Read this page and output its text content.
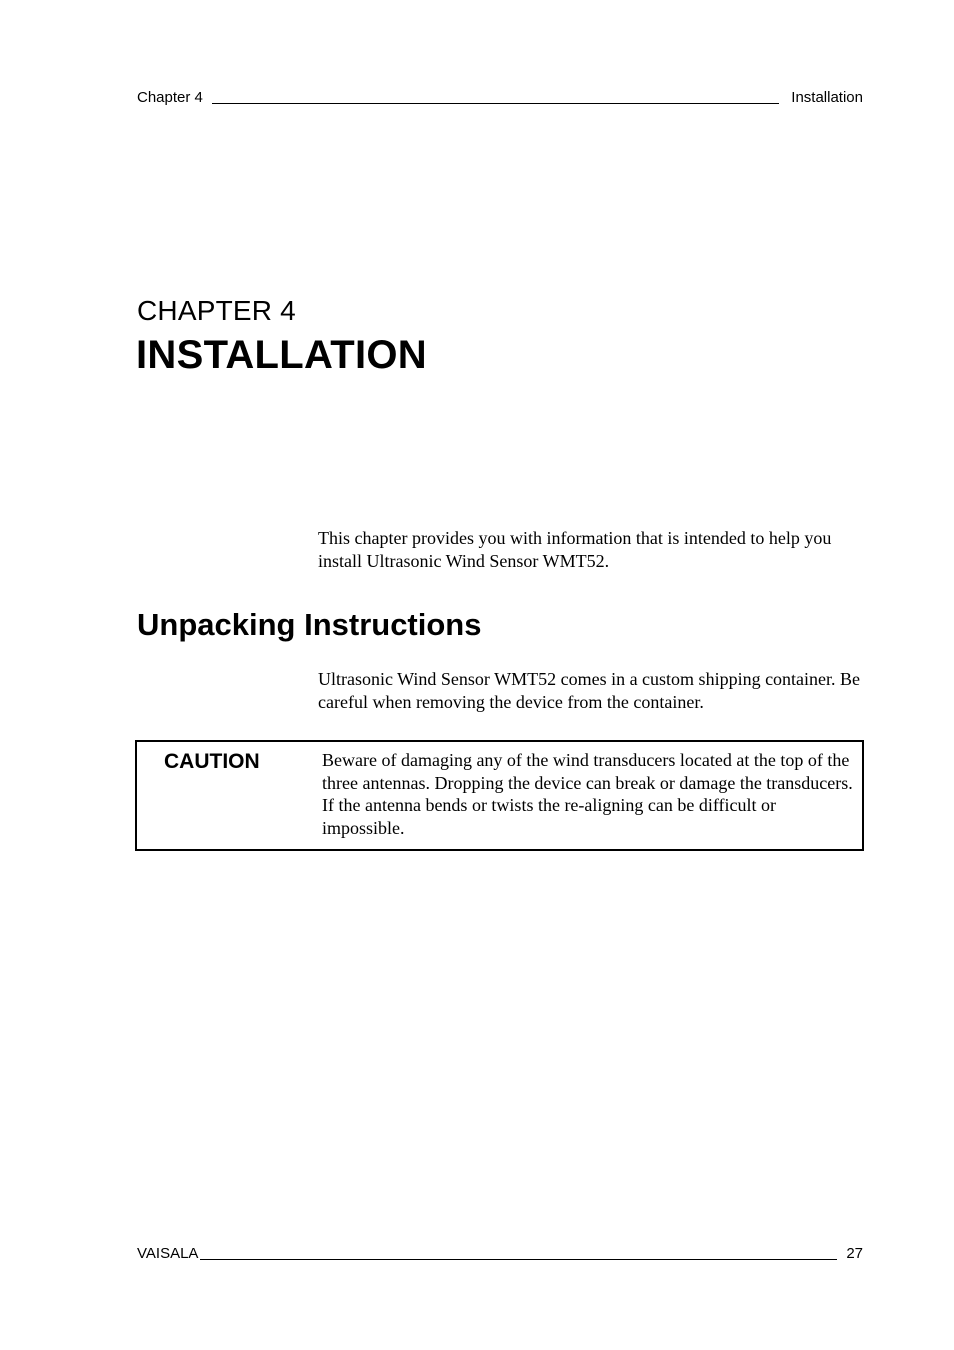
Chapter 4	Installation
CHAPTER 4
INSTALLATION

This chapter provides you with information that is intended to help you install Ultrasonic Wind Sensor WMT52.

Unpacking Instructions

Ultrasonic Wind Sensor WMT52 comes in a custom shipping container. Be careful when removing the device from the container.

CAUTION	Beware of damaging any of the wind transducers located at the top of the three antennas. Dropping the device can break or damage the transducers. If the antenna bends or twists the re-aligning can be difficult or impossible.
VAISALA	27
